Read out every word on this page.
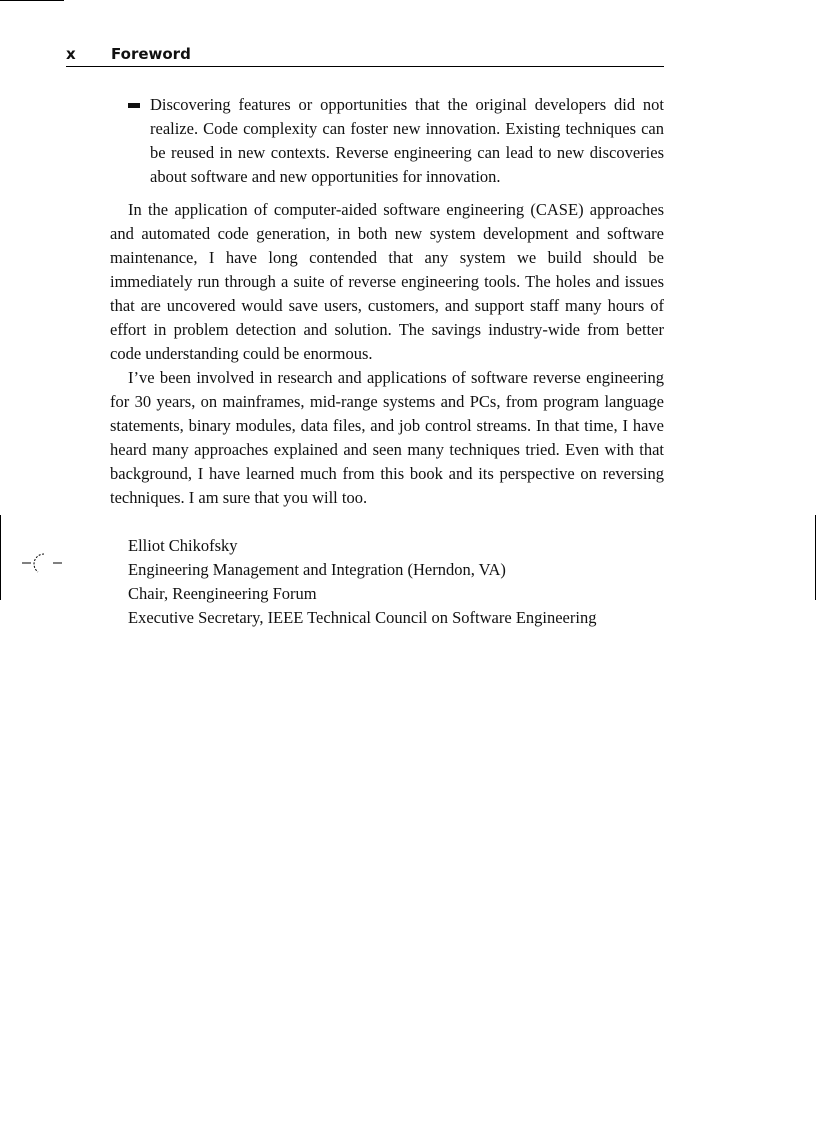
x Foreword
Discovering features or opportunities that the original developers did not realize. Code complexity can foster new innovation. Existing techniques can be reused in new contexts. Reverse engineering can lead to new discoveries about software and new opportunities for innovation.

In the application of computer-aided software engineering (CASE) approaches and automated code generation, in both new system development and software maintenance, I have long contended that any system we build should be immediately run through a suite of reverse engineering tools. The holes and issues that are uncovered would save users, customers, and support staff many hours of effort in problem detection and solution. The savings industry-wide from better code understanding could be enormous.

I’ve been involved in research and applications of software reverse engineering for 30 years, on mainframes, mid-range systems and PCs, from program language statements, binary modules, data files, and job control streams. In that time, I have heard many approaches explained and seen many techniques tried. Even with that background, I have learned much from this book and its perspective on reversing techniques. I am sure that you will too.

Elliot Chikofsky
Engineering Management and Integration (Herndon, VA)
Chair, Reengineering Forum
Executive Secretary, IEEE Technical Council on Software Engineering
